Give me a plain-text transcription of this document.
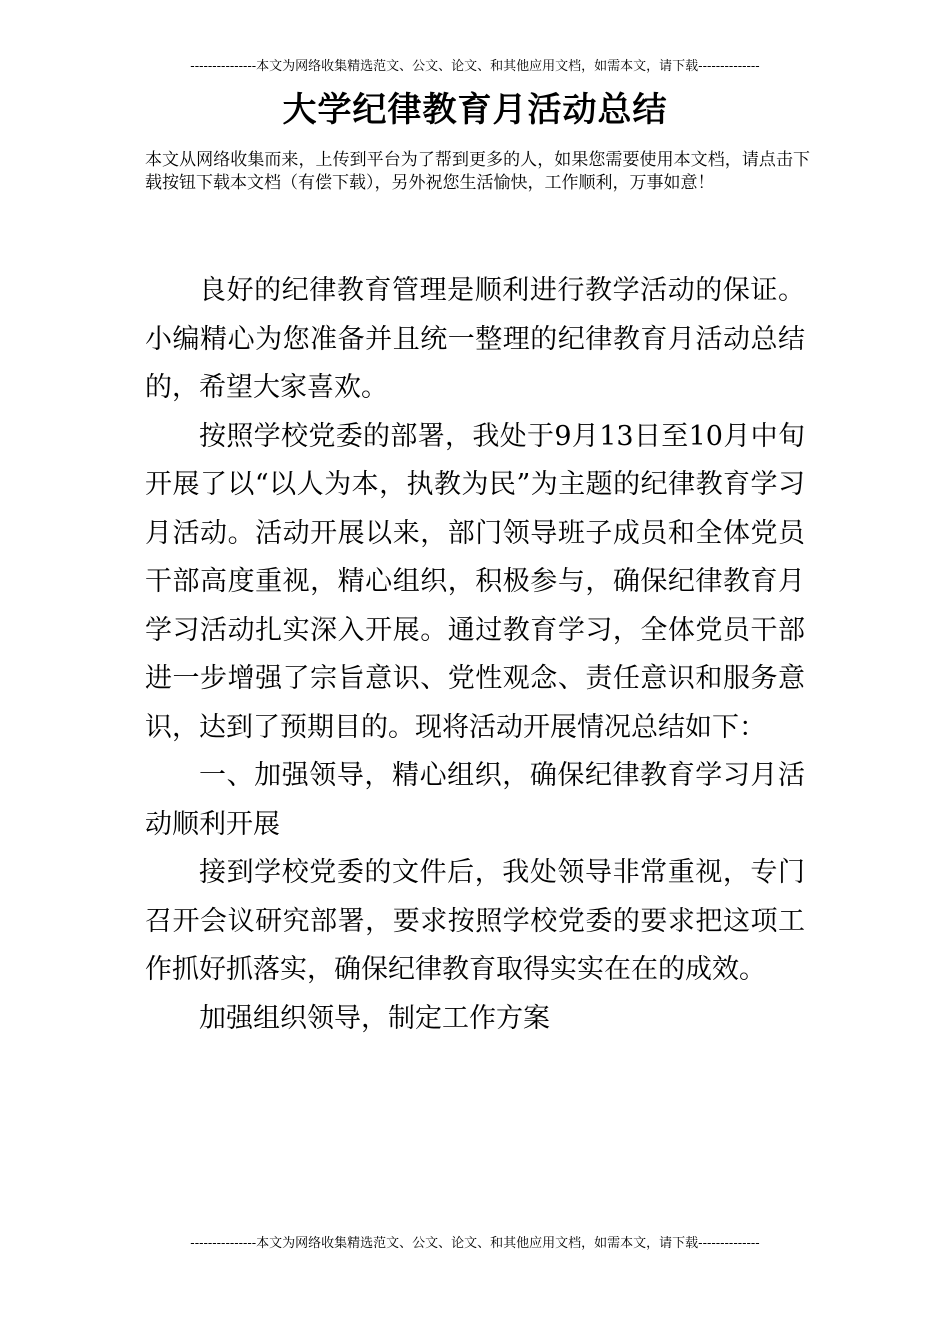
---------------本文为网络收集精选范文、公文、论文、和其他应用文档，如需本文，请下载--------------
大学纪律教育月活动总结
本文从网络收集而来，上传到平台为了帮到更多的人，如果您需要使用本文档，请点击下载按钮下载本文档（有偿下载），另外祝您生活愉快，工作顺利，万事如意！

良好的纪律教育管理是顺利进行教学活动的保证。小编精心为您准备并且统一整理的纪律教育月活动总结的，希望大家喜欢。

按照学校党委的部署，我处于9月13日至10月中旬开展了以“以人为本，执教为民”为主题的纪律教育学习月活动。活动开展以来，部门领导班子成员和全体党员干部高度重视，精心组织，积极参与，确保纪律教育月学习活动扎实深入开展。通过教育学习，全体党员干部进一步增强了宗旨意识、党性观念、责任意识和服务意识，达到了预期目的。现将活动开展情况总结如下：

一、加强领导，精心组织，确保纪律教育学习月活动顺利开展

接到学校党委的文件后，我处领导非常重视，专门召开会议研究部署，要求按照学校党委的要求把这项工作抓好抓落实，确保纪律教育取得实实在在的成效。

加强组织领导，制定工作方案

---------------本文为网络收集精选范文、公文、论文、和其他应用文档，如需本文，请下载--------------
